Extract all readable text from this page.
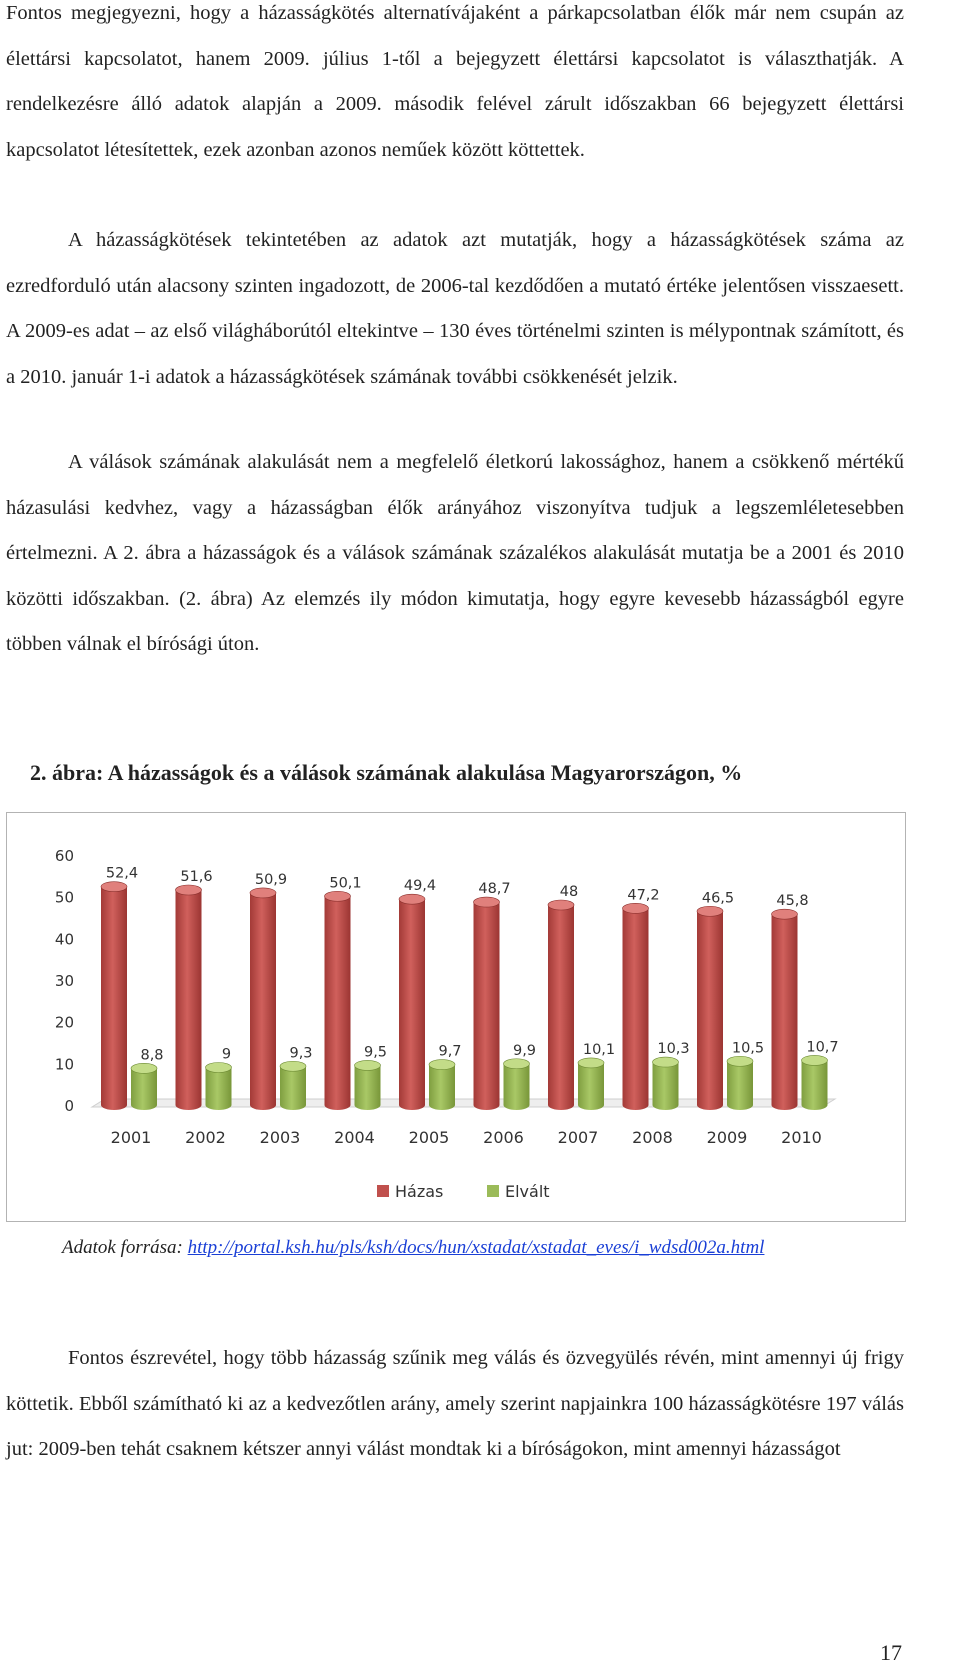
Fontos megjegyezni, hogy a házasságkötés alternatívájaként a párkapcsolatban élők már nem csupán az élettársi kapcsolatot, hanem 2009. július 1-től a bejegyzett élettársi kapcsolatot is választhatják. A rendelkezésre álló adatok alapján a 2009. második felével zárult időszakban 66 bejegyzett élettársi kapcsolatot létesítettek, ezek azonban azonos neműek között köttettek.

A házasságkötések tekintetében az adatok azt mutatják, hogy a házasságkötések száma az ezredforduló után alacsony szinten ingadozott, de 2006-tal kezdődően a mutató értéke jelentősen visszaesett. A 2009-es adat – az első világháborútól eltekintve – 130 éves történelmi szinten is mélypontnak számított, és a 2010. január 1-i adatok a házasságkötések számának további csökkenését jelzik.

A válások számának alakulását nem a megfelelő életkorú lakossághoz, hanem a csökkenő mértékű házasulási kedvhez, vagy a házasságban élők arányához viszonyítva tudjuk a legszemléletesebben értelmezni. A 2. ábra a házasságok és a válások számának százalékos alakulását mutatja be a 2001 és 2010 közötti időszakban. (2. ábra) Az elemzés ily módon kimutatja, hogy egyre kevesebb házasságból egyre többen válnak el bírósági úton.

2. ábra: A házasságok és a válások számának alakulása Magyarországon, %

0
10
20
30
40
50
60
2001
52,4
8,8
2002
51,6
9
2003
50,9
9,3
2004
50,1
9,5
2005
49,4
9,7
2006
48,7
9,9
2007
48
10,1
2008
47,2
10,3
2009
46,5
10,5
2010
45,8
10,7
Házas	Elvált

Adatok forrása: http://portal.ksh.hu/pls/ksh/docs/hun/xstadat/xstadat_eves/i_wdsd002a.html

Fontos észrevétel, hogy több házasság szűnik meg válás és özvegyülés révén, mint amennyi új frigy köttetik. Ebből számítható ki az a kedvezőtlen arány, amely szerint napjainkra 100 házasságkötésre 197 válás jut: 2009-ben tehát csaknem kétszer annyi válást mondtak ki a bíróságokon, mint amennyi házasságot

17
